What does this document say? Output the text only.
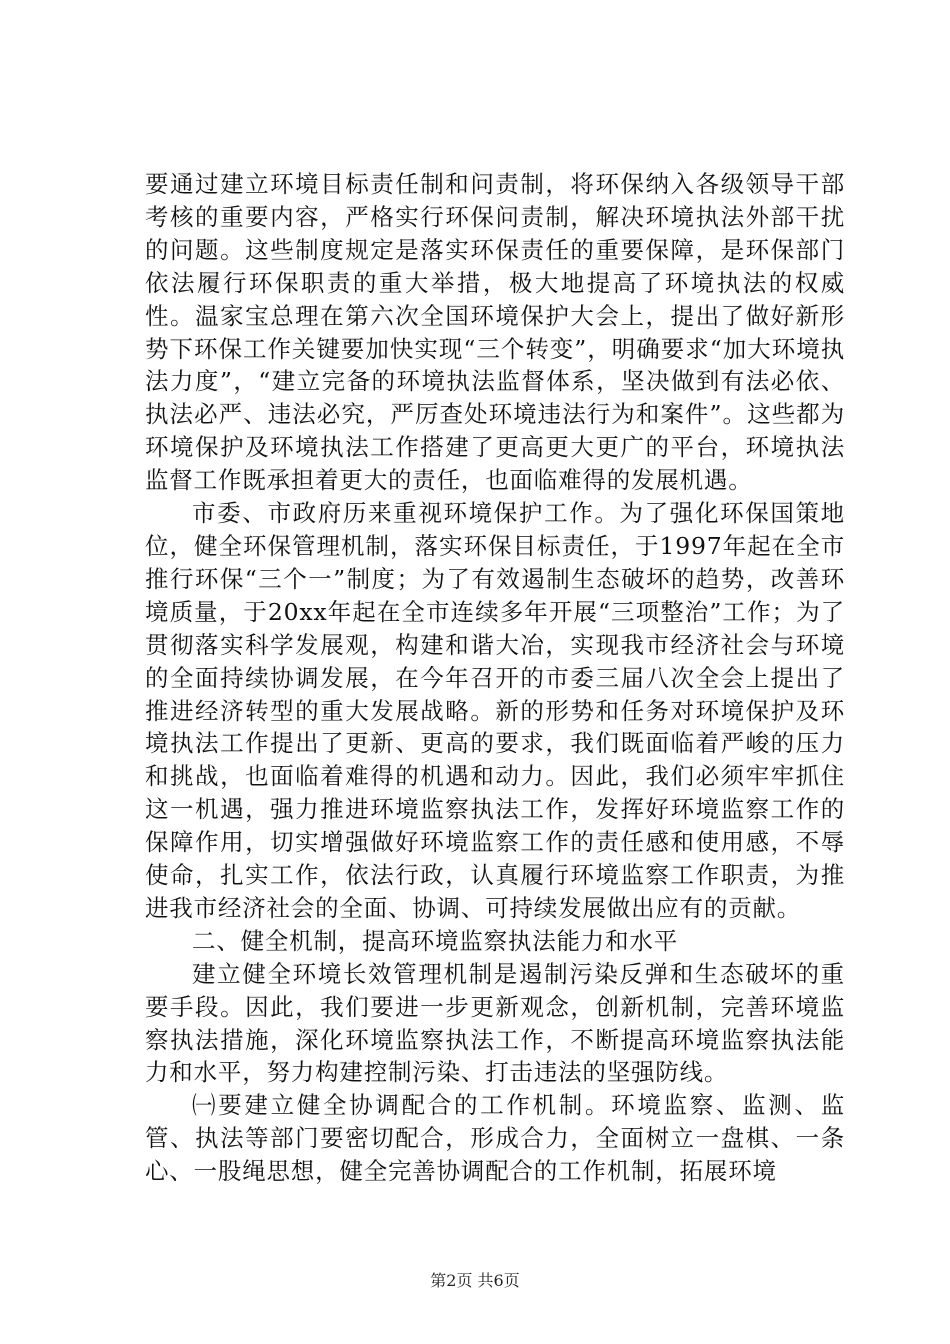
要通过建立环境目标责任制和问责制，将环保纳入各级领导干部考核的重要内容，严格实行环保问责制，解决环境执法外部干扰的问题。这些制度规定是落实环保责任的重要保障，是环保部门依法履行环保职责的重大举措，极大地提高了环境执法的权威性。温家宝总理在第六次全国环境保护大会上，提出了做好新形势下环保工作关键要加快实现“三个转变”，明确要求“加大环境执法力度”，“建立完备的环境执法监督体系，坚决做到有法必依、执法必严、违法必究，严厉查处环境违法行为和案件”。这些都为环境保护及环境执法工作搭建了更高更大更广的平台，环境执法监督工作既承担着更大的责任，也面临难得的发展机遇。

市委、市政府历来重视环境保护工作。为了强化环保国策地位，健全环保管理机制，落实环保目标责任，于1997年起在全市推行环保“三个一”制度；为了有效遏制生态破坏的趋势，改善环境质量，于20xx年起在全市连续多年开展“三项整治”工作；为了贯彻落实科学发展观，构建和谐大冶，实现我市经济社会与环境的全面持续协调发展，在今年召开的市委三届八次全会上提出了推进经济转型的重大发展战略。新的形势和任务对环境保护及环境执法工作提出了更新、更高的要求，我们既面临着严峻的压力和挑战，也面临着难得的机遇和动力。因此，我们必须牢牢抓住这一机遇，强力推进环境监察执法工作，发挥好环境监察工作的保障作用，切实增强做好环境监察工作的责任感和使用感，不辱使命，扎实工作，依法行政，认真履行环境监察工作职责，为推进我市经济社会的全面、协调、可持续发展做出应有的贡献。

二、健全机制，提高环境监察执法能力和水平

建立健全环境长效管理机制是遏制污染反弹和生态破坏的重要手段。因此，我们要进一步更新观念，创新机制，完善环境监察执法措施，深化环境监察执法工作，不断提高环境监察执法能力和水平，努力构建控制污染、打击违法的坚强防线。

㈠要建立健全协调配合的工作机制。环境监察、监测、监管、执法等部门要密切配合，形成合力，全面树立一盘棋、一条心、一股绳思想，健全完善协调配合的工作机制，拓展环境

第2页 共6页
